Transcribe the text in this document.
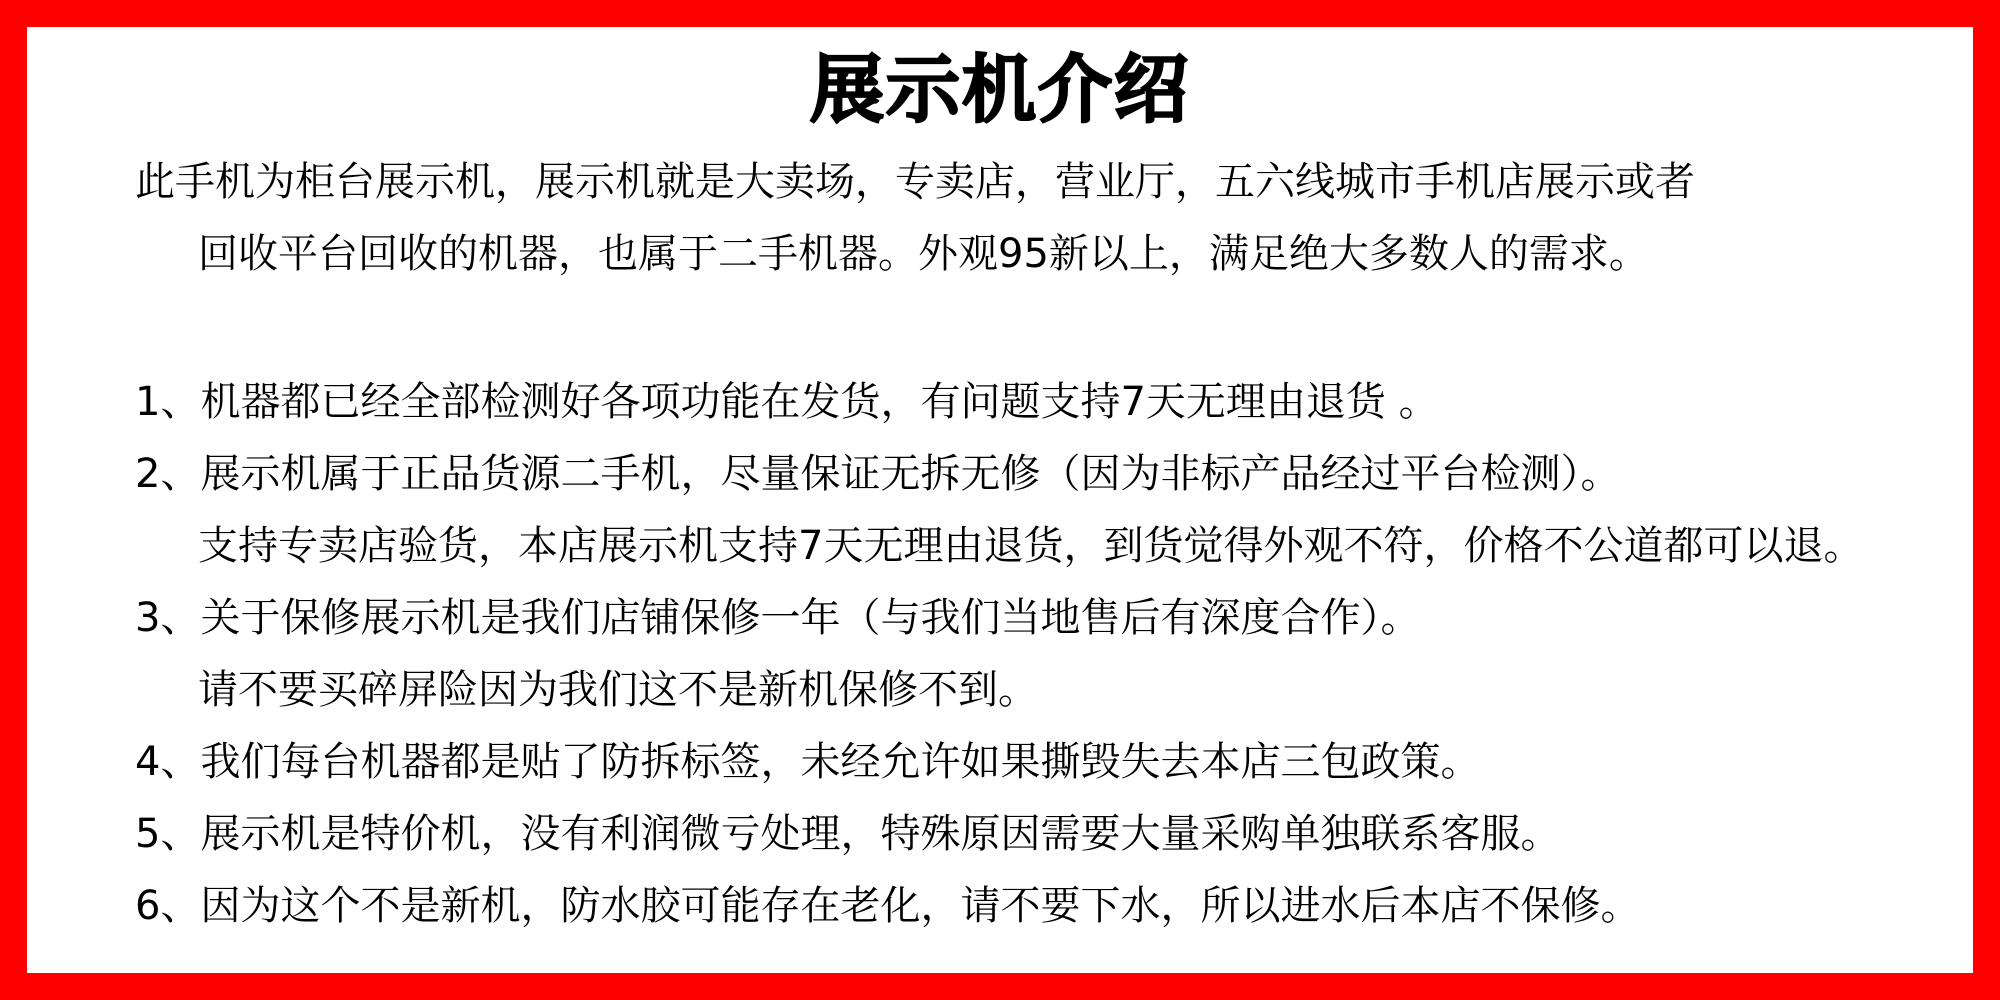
展示机介绍
此手机为柜台展示机，展示机就是大卖场，专卖店，营业厅，五六线城市手机店展示或者
回收平台回收的机器，也属于二手机器。外观95新以上，满足绝大多数人的需求。
1、机器都已经全部检测好各项功能在发货，有问题支持7天无理由退货 。
2、展示机属于正品货源二手机，尽量保证无拆无修（因为非标产品经过平台检测）。
支持专卖店验货，本店展示机支持7天无理由退货，到货觉得外观不符，价格不公道都可以退。
3、关于保修展示机是我们店铺保修一年（与我们当地售后有深度合作）。
请不要买碎屏险因为我们这不是新机保修不到。
4、我们每台机器都是贴了防拆标签，未经允许如果撕毁失去本店三包政策。
5、展示机是特价机，没有利润微亏处理，特殊原因需要大量采购单独联系客服。
6、因为这个不是新机，防水胶可能存在老化，请不要下水，所以进水后本店不保修。
